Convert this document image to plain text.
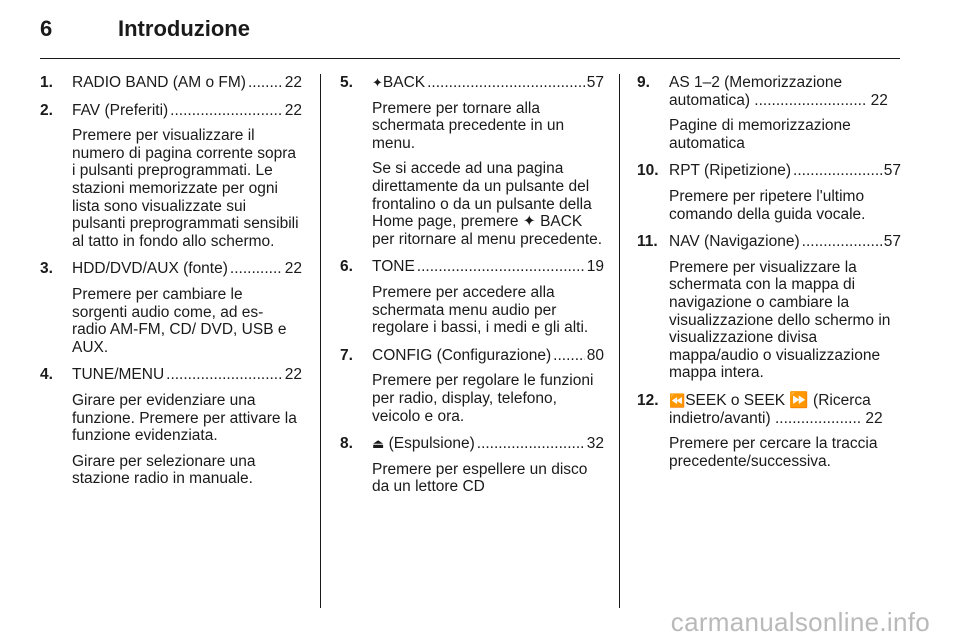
6	Introduzione
1. RADIO BAND (AM o FM) .....	22
2. FAV (Preferiti) .....	22
Premere per visualizzare il numero di pagina corrente sopra i pulsanti preprogrammati. Le stazioni memorizzate per ogni lista sono visualizzate sui pulsanti preprogrammati sensibili al tatto in fondo allo schermo.
3. HDD/DVD/AUX (fonte) .....	22
Premere per cambiare le sorgenti audio come, ad es- radio AM-FM, CD/ DVD, USB e AUX.
4. TUNE/MENU .....	22
Girare per evidenziare una funzione. Premere per attivare la funzione evidenziata.
Girare per selezionare una stazione radio in manuale.
5. ✦BACK .....	57
Premere per tornare alla schermata precedente in un menu.
Se si accede ad una pagina direttamente da un pulsante del frontalino o da un pulsante della Home page, premere ✦ BACK per ritornare al menu precedente.
6. TONE .....	19
Premere per accedere alla schermata menu audio per regolare i bassi, i medi e gli alti.
7. CONFIG (Configurazione) ..... 80
Premere per regolare le funzioni per radio, display, telefono, veicolo e ora.
8. ⏏ (Espulsione) .....	32
Premere per espellere un disco da un lettore CD
9. AS 1–2 (Memorizzazione automatica) .......................... 22
Pagine di memorizzazione automatica
10. RPT (Ripetizione) .....	57
Premere per ripetere l'ultimo comando della guida vocale.
11. NAV (Navigazione) .....	57
Premere per visualizzare la schermata con la mappa di navigazione o cambiare la visualizzazione dello schermo in visualizzazione divisa mappa/audio o visualizzazione mappa intera.
12. ⏪SEEK o SEEK ⏩ (Ricerca indietro/avanti) .................... 22
Premere per cercare la traccia precedente/successiva.
carmanualsonline.info
